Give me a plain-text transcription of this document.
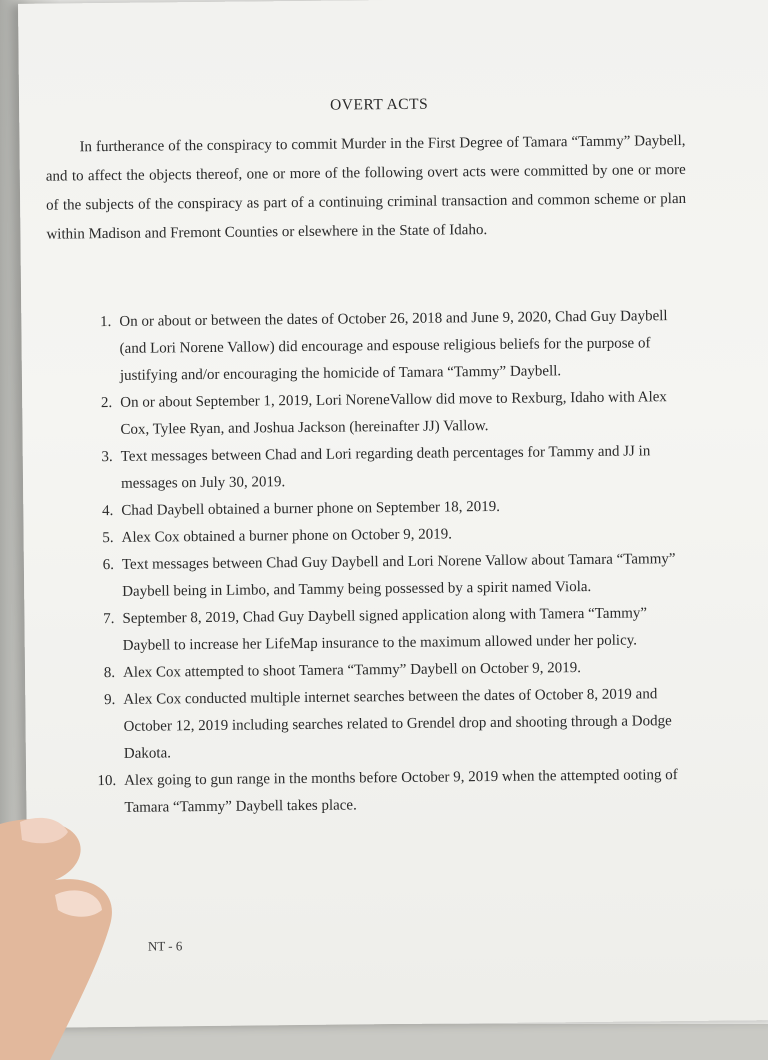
OVERT ACTS

In furtherance of the conspiracy to commit Murder in the First Degree of Tamara “Tammy” Daybell, and to affect the objects thereof, one or more of the following overt acts were committed by one or more of the subjects of the conspiracy as part of a continuing criminal transaction and common scheme or plan within Madison and Fremont Counties or elsewhere in the State of Idaho.

1. On or about or between the dates of October 26, 2018 and June 9, 2020, Chad Guy Daybell (and Lori Norene Vallow) did encourage and espouse religious beliefs for the purpose of justifying and/or encouraging the homicide of Tamara “Tammy” Daybell.
2. On or about September 1, 2019, Lori NoreneVallow did move to Rexburg, Idaho with Alex Cox, Tylee Ryan, and Joshua Jackson (hereinafter JJ) Vallow.
3. Text messages between Chad and Lori regarding death percentages for Tammy and JJ in messages on July 30, 2019.
4. Chad Daybell obtained a burner phone on September 18, 2019.
5. Alex Cox obtained a burner phone on October 9, 2019.
6. Text messages between Chad Guy Daybell and Lori Norene Vallow about Tamara “Tammy” Daybell being in Limbo, and Tammy being possessed by a spirit named Viola.
7. September 8, 2019, Chad Guy Daybell signed application along with Tamera “Tammy” Daybell to increase her LifeMap insurance to the maximum allowed under her policy.
8. Alex Cox attempted to shoot Tamera “Tammy” Daybell on October 9, 2019.
9. Alex Cox conducted multiple internet searches between the dates of October 8, 2019 and October 12, 2019 including searches related to Grendel drop and shooting through a Dodge Dakota.
10. Alex going to gun range in the months before October 9, 2019 when the attempted ooting of Tamara “Tammy” Daybell takes place.
NT - 6
